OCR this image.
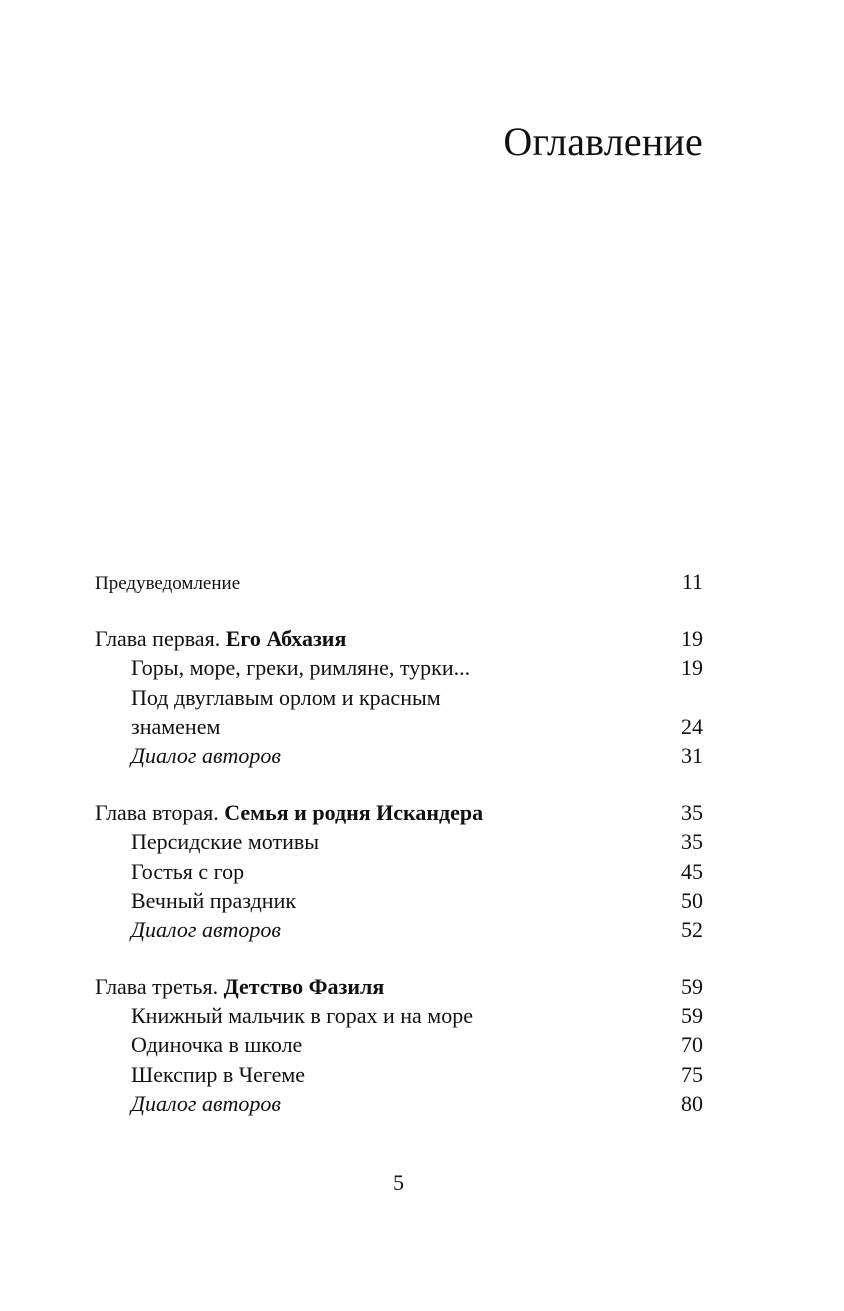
Оглавление
Предуведомление	11
Глава первая. Его Абхазия	19
Горы, море, греки, римляне, турки...	19
Под двуглавым орлом и красным
знаменем	24
Диалог авторов	31
Глава вторая. Семья и родня Искандера	35
Персидские мотивы	35
Гостья с гор	45
Вечный праздник	50
Диалог авторов	52
Глава третья. Детство Фазиля	59
Книжный мальчик в горах и на море	59
Одиночка в школе	70
Шекспир в Чегеме	75
Диалог авторов	80
5
